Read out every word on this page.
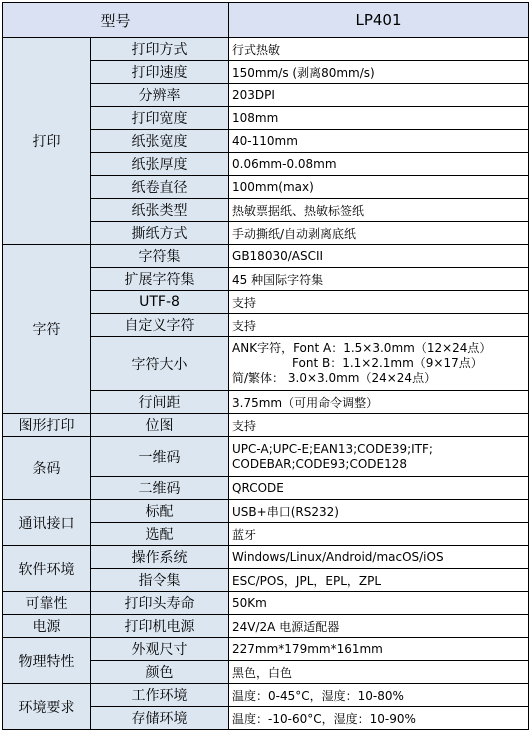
型号		LP401
打印	打印方式	行式热敏
	打印速度	150mm/s (剥离80mm/s)
	分辨率	203DPI
	打印宽度	108mm
	纸张宽度	40-110mm
	纸张厚度	0.06mm-0.08mm
	纸卷直径	100mm(max)
	纸张类型	热敏票据纸、热敏标签纸
	撕纸方式	手动撕纸/自动剥离底纸
字符	字符集	GB18030/ASCII
	扩展字符集	45 种国际字符集
	UTF-8	支持
	自定义字符	支持
	字符大小	ANK字符，Font A：1.5×3.0mm（12×24点）
Font B：1.1×2.1mm（9×17点）
简/繁体： 3.0×3.0mm（24×24点）

	行间距	3.75mm（可用命令调整）
图形打印	位图	支持
条码	一维码	UPC-A;UPC-E;EAN13;CODE39;ITF;
CODEBAR;CODE93;CODE128

	二维码	QRCODE
通讯接口	标配	USB+串口(RS232)
	选配	蓝牙
软件环境	操作系统	Windows/Linux/Android/macOS/iOS
	指令集	ESC/POS，JPL，EPL，ZPL
可靠性	打印头寿命	50Km
电源	打印机电源	24V/2A 电源适配器
物理特性	外观尺寸	227mm*179mm*161mm
	颜色	黑色，白色
环境要求	工作环境	温度：0-45°C，湿度：10-80%
	存储环境	温度：-10-60°C，湿度：10-90%
